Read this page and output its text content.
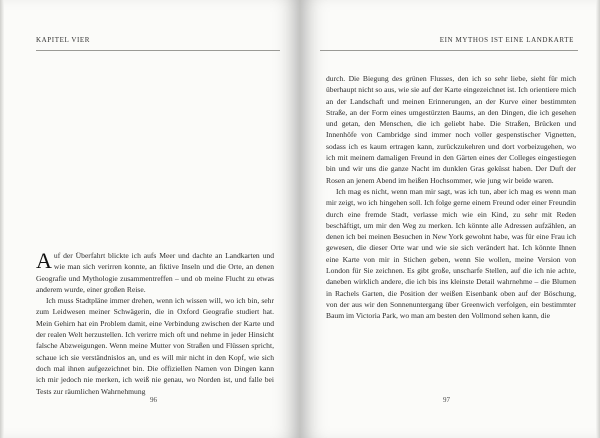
KAPITEL VIER

Auf der Überfahrt blickte ich aufs Meer und dachte an Landkarten und wie man sich verirren konnte, an fiktive Inseln und die Orte, an denen Geografie und Mythologie zusammentreffen – und ob meine Flucht zu etwas anderem wurde, einer großen Reise.

Ich muss Stadtpläne immer drehen, wenn ich wissen will, wo ich bin, sehr zum Leidwesen meiner Schwägerin, die in Oxford Geografie studiert hat. Mein Gehirn hat ein Problem damit, eine Verbindung zwischen der Karte und der realen Welt herzustellen. Ich verirre mich oft und nehme in jeder Hinsicht falsche Abzweigungen. Wenn meine Mutter von Straßen und Flüssen spricht, schaue ich sie verständnislos an, und es will mir nicht in den Kopf, wie sich doch mal ihnen aufgezeichnet bin. Die offiziellen Namen von Dingen kann ich mir jedoch nie merken, ich weiß nie genau, wo Norden ist, und falle bei Tests zur räumlichen Wahrnehmung

96
EIN MYTHOS IST EINE LANDKARTE

durch. Die Biegung des grünen Flusses, den ich so sehr liebe, sieht für mich überhaupt nicht so aus, wie sie auf der Karte eingezeichnet ist. Ich orientiere mich an der Landschaft und meinen Erinnerungen, an der Kurve einer bestimmten Straße, an der Form eines umgestürzten Baums, an den Dingen, die ich gesehen und getan, den Menschen, die ich geliebt habe. Die Straßen, Brücken und Innenhöfe von Cambridge sind immer noch voller gespenstischer Vignetten, sodass ich es kaum ertragen kann, zurückzukehren und dort vorbeizugehen, wo ich mit meinem damaligen Freund in den Gärten eines der Colleges eingestiegen bin und wir uns die ganze Nacht im dunklen Gras geküsst haben. Der Duft der Rosen an jenem Abend im heißen Hochsommer, wie jung wir beide waren.

Ich mag es nicht, wenn man mir sagt, was ich tun, aber ich mag es wenn man mir zeigt, wo ich hingehen soll. Ich folge gerne einem Freund oder einer Freundin durch eine fremde Stadt, verlasse mich wie ein Kind, zu sehr mit Reden beschäftigt, um mir den Weg zu merken. Ich könnte alle Adressen aufzählen, an denen ich bei meinen Besuchen in New York gewohnt habe, was für eine Frau ich gewesen, die dieser Orte war und wie sie sich verändert hat. Ich könnte Ihnen eine Karte von mir in Stichen geben, wenn Sie wollen, meine Version von London für Sie zeichnen. Es gibt große, unscharfe Stellen, auf die ich nie achte, daneben wirklich andere, die ich bis ins kleinste Detail wahrnehme – die Blumen in Rachels Garten, die Position der weißen Eisenbank oben auf der Böschung, von der aus wir den Sonnenuntergang über Greenwich verfolgen, ein bestimmter Baum im Victoria Park, wo man am besten den Vollmond sehen kann, die

97
